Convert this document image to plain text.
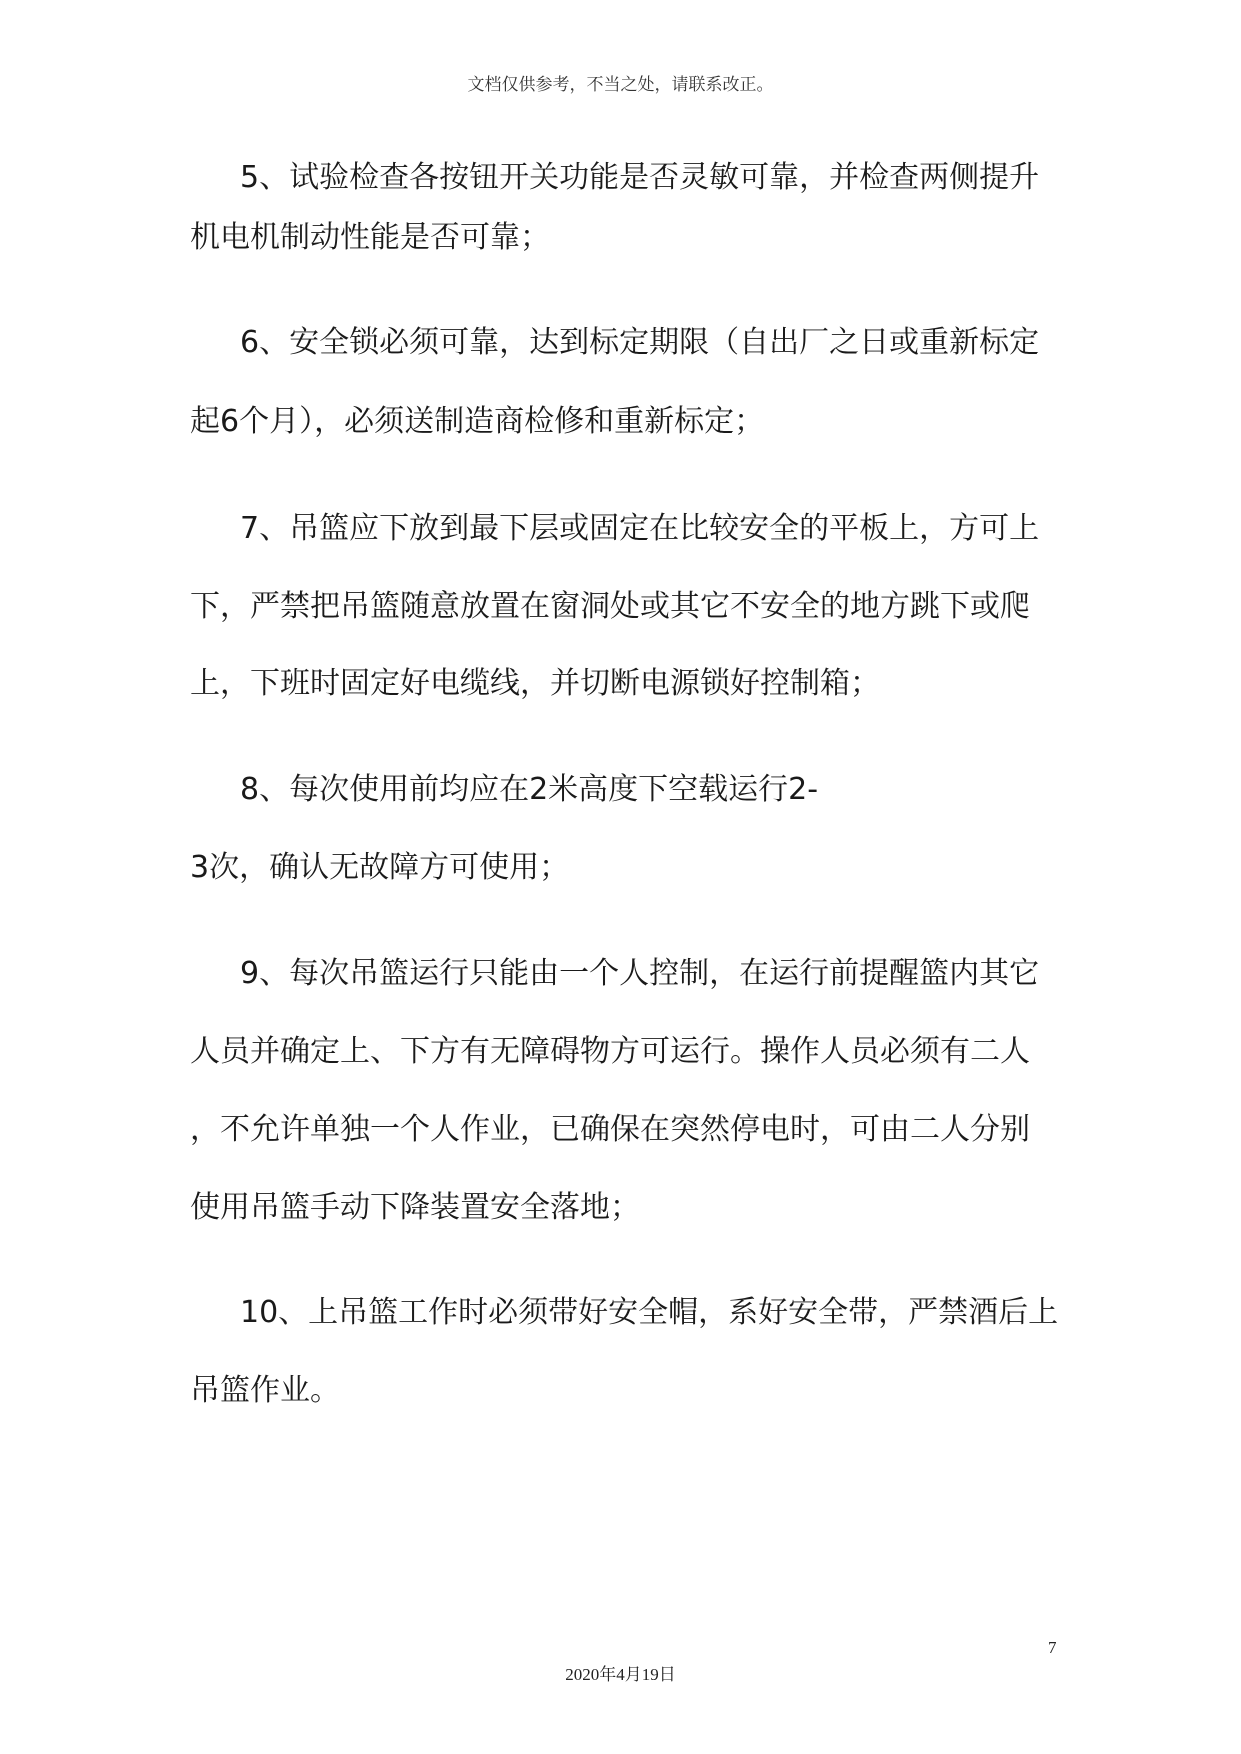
文档仅供参考，不当之处，请联系改正。
5、试验检查各按钮开关功能是否灵敏可靠，并检查两侧提升
机电机制动性能是否可靠；
6、安全锁必须可靠，达到标定期限（自出厂之日或重新标定
起6个月），必须送制造商检修和重新标定；
7、吊篮应下放到最下层或固定在比较安全的平板上，方可上
下，严禁把吊篮随意放置在窗洞处或其它不安全的地方跳下或爬
上，下班时固定好电缆线，并切断电源锁好控制箱；
8、每次使用前均应在2米高度下空载运行2-
3次，确认无故障方可使用；
9、每次吊篮运行只能由一个人控制，在运行前提醒篮内其它
人员并确定上、下方有无障碍物方可运行。操作人员必须有二人
，不允许单独一个人作业，已确保在突然停电时，可由二人分别
使用吊篮手动下降装置安全落地；
10、上吊篮工作时必须带好安全帽，系好安全带，严禁酒后上
吊篮作业。
7
2020年4月19日
